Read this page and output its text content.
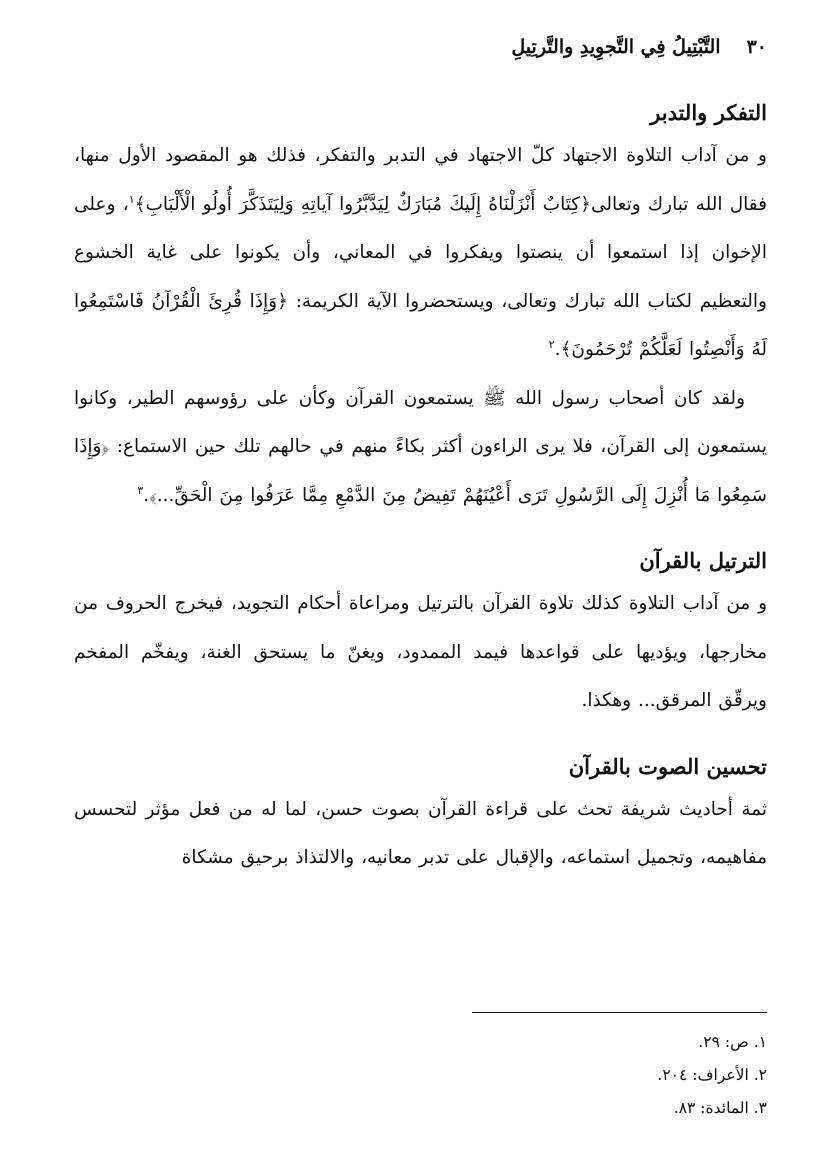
٣٠
التَّبْتِيلُ فِي التَّجوِيدِ والتَّرتِيلِ
التفكر والتدبر

و من آداب التلاوة الاجتهاد كلّ الاجتهاد في التدبر والتفكر، فذلك هو المقصود الأول منها، فقال الله تبارك وتعالى﴿كِتَابٌ أَنْزَلْنَاهُ إِلَيكَ مُبَارَكٌ لِيَدَّبَّرُوا آياتِهِ وَلِيَتَذَكَّرَ أُولُو الْأَلْبَابِ﴾$^١$، وعلى الإخوان إذا استمعوا أن ينصتوا ويفكروا في المعاني، وأن يكونوا على غاية الخشوع والتعظيم لكتاب الله تبارك وتعالى، ويستحضروا الآية الكريمة: ﴿وَإِذَا قُرِئَ الْقُرْآنُ فَاسْتَمِعُوا لَهُ وَأَنْصِتُوا لَعَلَّكُمْ تُرْحَمُونَ﴾.$^٢$

ولقد كان أصحاب رسول الله ﷺ يستمعون القرآن وكأن على رؤوسهم الطير، وكانوا يستمعون إلى القرآن، فلا يرى الراءون أكثر بكاءً منهم في حالهم تلك حين الاستماع: ﴿وَإِذَا سَمِعُوا مَا أُنْزِلَ إِلَى الرَّسُولِ تَرَى أَعْيُنَهُمْ تَفِيضُ مِنَ الدَّمْعِ مِمَّا عَرَفُوا مِنَ الْحَقِّ...﴾.$^٣$

الترتيل بالقرآن

و من آداب التلاوة كذلك تلاوة القرآن بالترتيل ومراعاة أحكام التجويد، فيخرج الحروف من مخارجها، ويؤديها على قواعدها فيمد الممدود، ويغنّ ما يستحق الغنة، ويفخّم المفخم ويرقّق المرقق... وهكذا.

تحسين الصوت بالقرآن

ثمة أحاديث شريفة تحث على قراءة القرآن بصوت حسن، لما له من فعل مؤثر لتحسس مفاهيمه، وتجميل استماعه، والإقبال على تدبر معانيه، والالتذاذ برحيق مشكاة

١. ص: ٢٩.
٢. الأعراف: ٢٠٤.
٣. المائدة: ٨٣.
